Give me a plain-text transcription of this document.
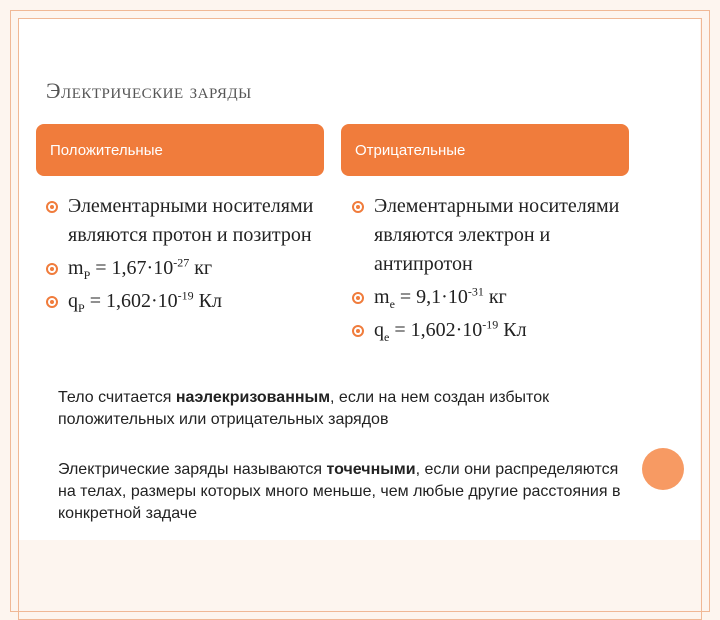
Электрические заряды
Положительные	Отрицательные
Элементарными носителями являются протон и позитрон
$m_P = 1,67\cdot 10^{-27}$ кг
$q_P = 1,602\cdot 10^{-19}$ Кл
Элементарными носителями являются электрон и антипротон
$m_e = 9,1\cdot 10^{-31}$ кг
$q_e = 1,602\cdot 10^{-19}$ Кл
Тело считается наэлекризованным, если на нем создан избыток положительных или отрицательных зарядов
Электрические заряды называются точечными, если они распределяются на телах, размеры которых много меньше, чем любые другие расстояния в конкретной задаче
